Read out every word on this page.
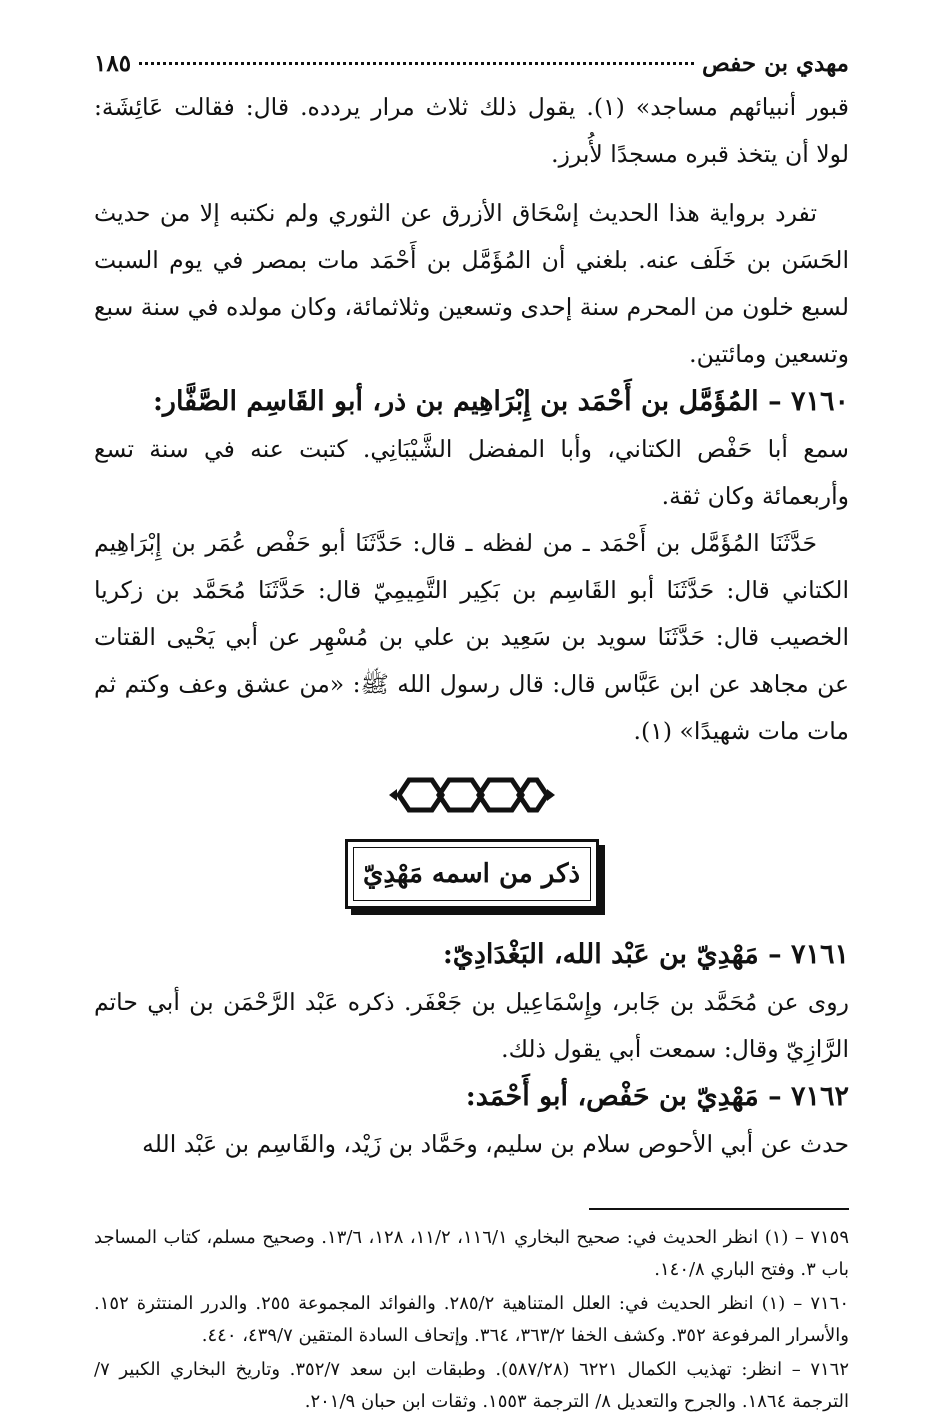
مهدي بن حفص
١٨٥

قبور أنبيائهم مساجد» (١). يقول ذلك ثلاث مرار يردده. قال: فقالت عَائِشَة: لولا أن يتخذ قبره مسجدًا لأُبرز.

تفرد برواية هذا الحديث إسْحَاق الأزرق عن الثوري ولم نكتبه إلا من حديث الحَسَن بن خَلَف عنه. بلغني أن المُؤَمَّل بن أَحْمَد مات بمصر في يوم السبت لسبع خلون من المحرم سنة إحدى وتسعين وثلاثمائة، وكان مولده في سنة سبع وتسعين ومائتين.

٧١٦٠ – المُؤَمَّل بن أَحْمَد بن إِبْرَاهِيم بن ذر، أبو القَاسِم الصَّفَّار:

سمع أبا حَفْص الكتاني، وأبا المفضل الشَّيْبَانِي. كتبت عنه في سنة تسع وأربعمائة وكان ثقة.

حَدَّثَنَا المُؤَمَّل بن أَحْمَد ـ من لفظه ـ قال: حَدَّثَنَا أبو حَفْص عُمَر بن إِبْرَاهِيم الكتاني قال: حَدَّثَنَا أبو القَاسِم بن بَكِير التَّمِيمِيّ قال: حَدَّثَنَا مُحَمَّد بن زكريا الخصيب قال: حَدَّثَنَا سويد بن سَعِيد بن علي بن مُسْهِر عن أبي يَحْيى القتات عن مجاهد عن ابن عَبَّاس قال: قال رسول الله ﷺ: «من عشق وعف وكتم ثم مات مات شهيدًا» (١).

ذكر من اسمه مَهْدِيّ

٧١٦١ – مَهْدِيّ بن عَبْد الله، البَغْدَادِيّ:

روى عن مُحَمَّد بن جَابر، وإِسْمَاعِيل بن جَعْفَر. ذكره عَبْد الرَّحْمَن بن أبي حاتم الرَّازِيّ وقال: سمعت أبي يقول ذلك.

٧١٦٢ – مَهْدِيّ بن حَفْص، أبو أَحْمَد:

حدث عن أبي الأحوص سلام بن سليم، وحَمَّاد بن زَيْد، والقَاسِم بن عَبْد الله

٧١٥٩ – (١) انظر الحديث في: صحيح البخاري ١١٦/١، ١١/٢، ١٢٨، ١٣/٦. وصحيح مسلم، كتاب المساجد باب ٣. وفتح الباري ١٤٠/٨.

٧١٦٠ – (١) انظر الحديث في: العلل المتناهية ٢٨٥/٢. والفوائد المجموعة ٢٥٥. والدرر المنتثرة ١٥٢. والأسرار المرفوعة ٣٥٢. وكشف الخفا ٣٦٣/٢، ٣٦٤. وإتحاف السادة المتقين ٤٣٩/٧، ٤٤٠.

٧١٦٢ – انظر: تهذيب الكمال ٦٢٢١ (٥٨٧/٢٨). وطبقات ابن سعد ٣٥٢/٧. وتاريخ البخاري الكبير ٧/ الترجمة ١٨٦٤. والجرح والتعديل ٨/ الترجمة ١٥٥٣. وثقات ابن حبان ٢٠١/٩.
